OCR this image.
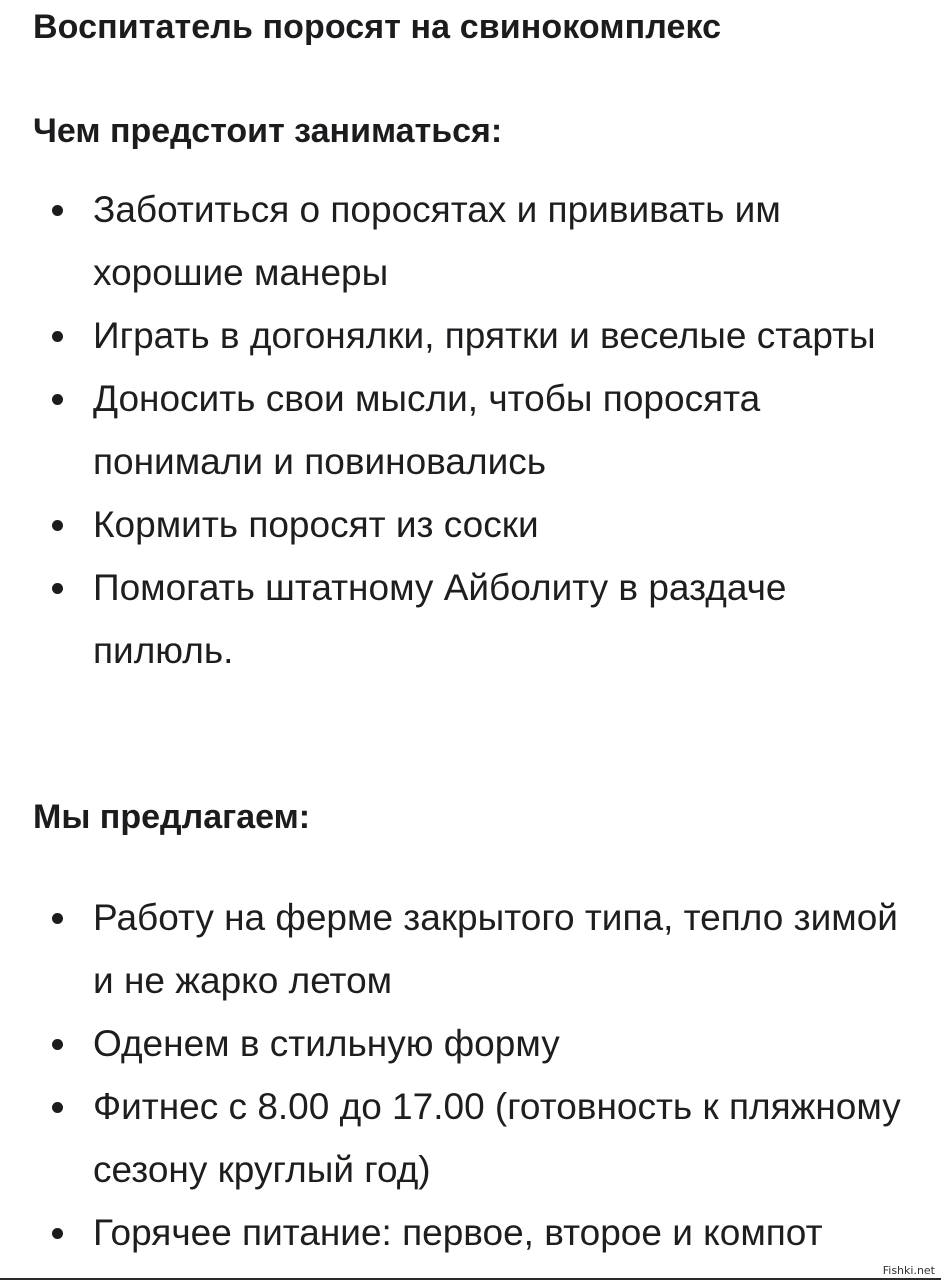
Воспитатель поросят на свинокомплекс
Чем предстоит заниматься:
Заботиться о поросятах и прививать им хорошие манеры
Играть в догонялки, прятки и веселые старты
Доносить свои мысли, чтобы поросята понимали и повиновались
Кормить поросят из соски
Помогать штатному Айболиту в раздаче пилюль.
Мы предлагаем:
Работу на ферме закрытого типа, тепло зимой и не жарко летом
Оденем в стильную форму
Фитнес с 8.00 до 17.00 (готовность к пляжному сезону круглый год)
Горячее питание: первое, второе и компот
Fishki.net
